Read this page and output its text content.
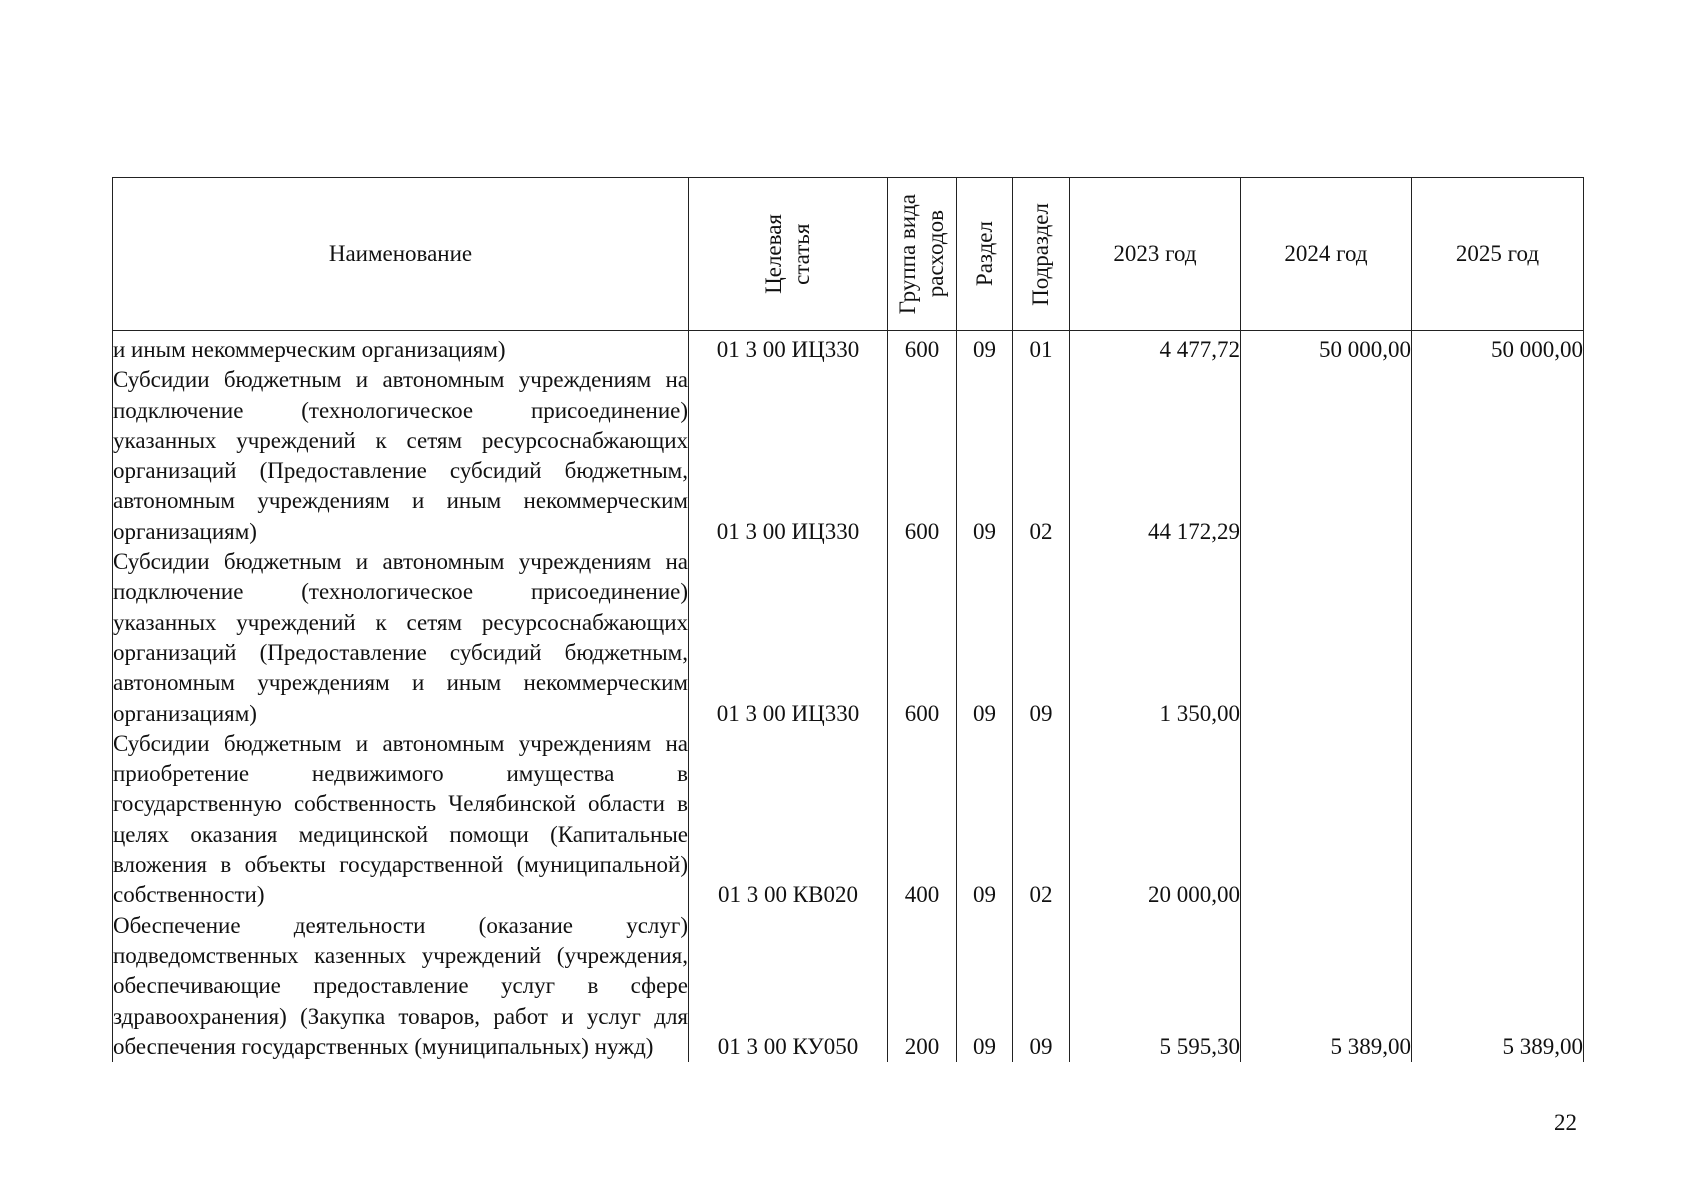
Наименование	Целевая статья	Группа вида расходов	Раздел	Подраздел	2023 год	2024 год	2025 год
и иным некоммерческим организациям)	01 3 00 ИЦ330	600	09	01	4 477,72	50 000,00	50 000,00
Субсидии бюджетным и автономным учреждениям на подключение (технологическое присоединение) указанных учреждений к сетям ресурсоснабжающих организаций (Предоставление субсидий бюджетным, автономным учреждениям и иным некоммерческим организациям)	01 3 00 ИЦ330	600	09	02	44 172,29		
Субсидии бюджетным и автономным учреждениям на подключение (технологическое присоединение) указанных учреждений к сетям ресурсоснабжающих организаций (Предоставление субсидий бюджетным, автономным учреждениям и иным некоммерческим организациям)	01 3 00 ИЦ330	600	09	09	1 350,00		
Субсидии бюджетным и автономным учреждениям на приобретение недвижимого имущества в государственную собственность Челябинской области в целях оказания медицинской помощи (Капитальные вложения в объекты государственной (муниципальной) собственности)	01 3 00 КВ020	400	09	02	20 000,00		
Обеспечение деятельности (оказание услуг) подведомственных казенных учреждений (учреждения, обеспечивающие предоставление услуг в сфере здравоохранения) (Закупка товаров, работ и услуг для обеспечения государственных (муниципальных) нужд)	01 3 00 КУ050	200	09	09	5 595,30	5 389,00	5 389,00
22
